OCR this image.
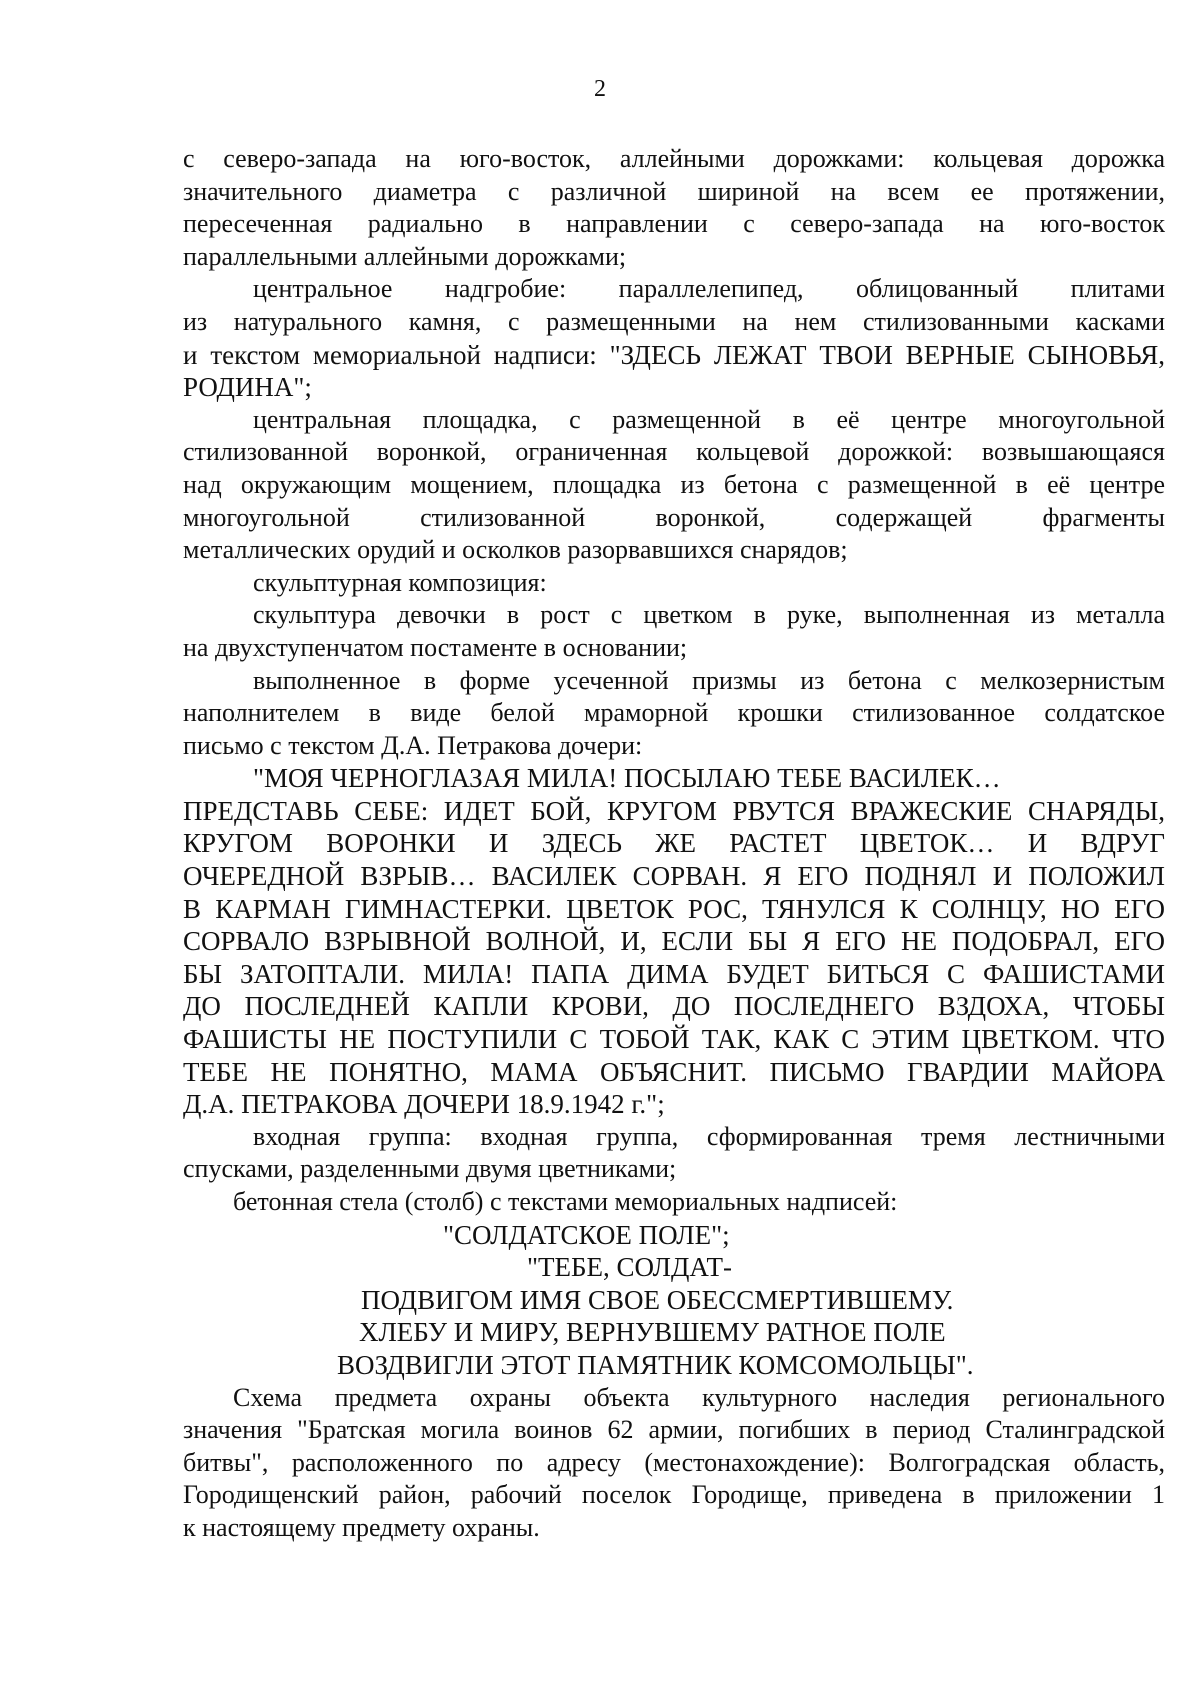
2
с северо-запада на юго-восток, аллейными дорожками: кольцевая дорожка
значительного диаметра с различной шириной на всем ее протяжении,
пересеченная радиально в направлении с северо-запада на юго-восток
параллельными аллейными дорожками;
центральное надгробие: параллелепипед, облицованный плитами
из натурального камня, с размещенными на нем стилизованными касками
и текстом мемориальной надписи: "ЗДЕСЬ ЛЕЖАТ ТВОИ ВЕРНЫЕ СЫНОВЬЯ,
РОДИНА";
центральная площадка, с размещенной в её центре многоугольной
стилизованной воронкой, ограниченная кольцевой дорожкой: возвышающаяся
над окружающим мощением, площадка из бетона с размещенной в её центре
многоугольной стилизованной воронкой, содержащей фрагменты
металлических орудий и осколков разорвавшихся снарядов;
скульптурная композиция:
скульптура девочки в рост с цветком в руке, выполненная из металла
на двухступенчатом постаменте в основании;
выполненное в форме усеченной призмы из бетона с мелкозернистым
наполнителем в виде белой мраморной крошки стилизованное солдатское
письмо с текстом Д.А. Петракова дочери:
"МОЯ ЧЕРНОГЛАЗАЯ МИЛА! ПОСЫЛАЮ ТЕБЕ ВАСИЛЕК…
ПРЕДСТАВЬ СЕБЕ: ИДЕТ БОЙ, КРУГОМ РВУТСЯ ВРАЖЕСКИЕ СНАРЯДЫ,
КРУГОМ ВОРОНКИ И ЗДЕСЬ ЖЕ РАСТЕТ ЦВЕТОК… И ВДРУГ
ОЧЕРЕДНОЙ ВЗРЫВ… ВАСИЛЕК СОРВАН. Я ЕГО ПОДНЯЛ И ПОЛОЖИЛ
В КАРМАН ГИМНАСТЕРКИ. ЦВЕТОК РОС, ТЯНУЛСЯ К СОЛНЦУ, НО ЕГО
СОРВАЛО ВЗРЫВНОЙ ВОЛНОЙ, И, ЕСЛИ БЫ Я ЕГО НЕ ПОДОБРАЛ, ЕГО
БЫ ЗАТОПТАЛИ. МИЛА! ПАПА ДИМА БУДЕТ БИТЬСЯ С ФАШИСТАМИ
ДО ПОСЛЕДНЕЙ КАПЛИ КРОВИ, ДО ПОСЛЕДНЕГО ВЗДОХА, ЧТОБЫ
ФАШИСТЫ НЕ ПОСТУПИЛИ С ТОБОЙ ТАК, КАК С ЭТИМ ЦВЕТКОМ. ЧТО
ТЕБЕ НЕ ПОНЯТНО, МАМА ОБЪЯСНИТ. ПИСЬМО ГВАРДИИ МАЙОРА
Д.А. ПЕТРАКОВА ДОЧЕРИ 18.9.1942 г.";
входная группа: входная группа, сформированная тремя лестничными
спусками, разделенными двумя цветниками;
бетонная стела (столб) с текстами мемориальных надписей:
"СОЛДАТСКОЕ ПОЛЕ";
"ТЕБЕ, СОЛДАТ-
ПОДВИГОМ ИМЯ СВОЕ ОБЕССМЕРТИВШЕМУ.
ХЛЕБУ И МИРУ, ВЕРНУВШЕМУ РАТНОЕ ПОЛЕ
ВОЗДВИГЛИ ЭТОТ ПАМЯТНИК КОМСОМОЛЬЦЫ".
Схема предмета охраны объекта культурного наследия регионального
значения "Братская могила воинов 62 армии, погибших в период Сталинградской
битвы", расположенного по адресу (местонахождение): Волгоградская область,
Городищенский район, рабочий поселок Городище, приведена в приложении 1
к настоящему предмету охраны.
